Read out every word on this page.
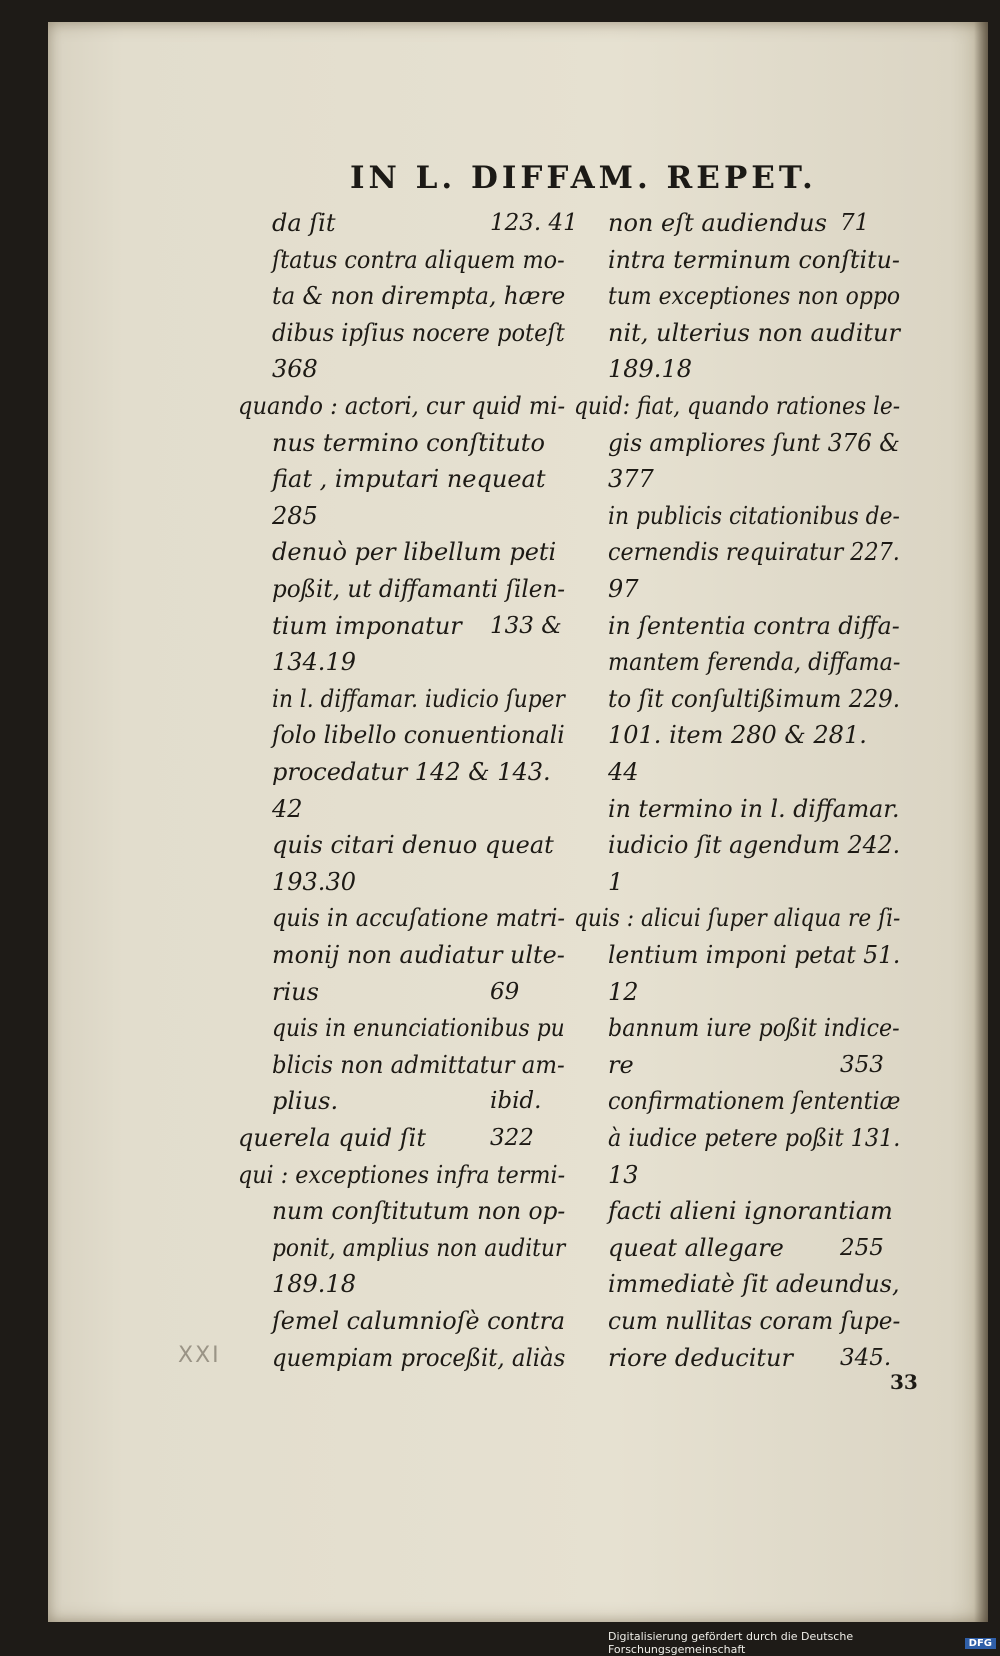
IN L. DIFFAM. REPET.
da ſit	123. 41
ſtatus contra aliquem mo-
ta & non dirempta, hære
dibus ipſius nocere poteſt
368
quando : actori, cur quid mi-
nus termino conſtituto
fiat , imputari nequeat
285
denuò per libellum peti
poßit, ut diffamanti ſilen-
tium imponatur 133 &
134.19
in l. diffamar. iudicio ſuper
ſolo libello conuentionali
procedatur 142 & 143.
42
quis citari denuo queat
193.30
quis in accuſatione matri-
monij non audiatur ulte-
rius	69
quis in enunciationibus pu
blicis non admittatur am-
plius.	ibid.
querela quid ſit	322
qui : exceptiones infra termi-
num conſtitutum non op-
ponit, amplius non auditur
189.18
ſemel calumnioſè contra
quempiam proceßit, aliàs
non eſt audiendus 71
intra terminum conſtitu-
tum exceptiones non oppo
nit, ulterius non auditur
189.18
quid: fiat, quando rationes le-
gis ampliores ſunt 376 &
377
in publicis citationibus de-
cernendis requiratur 227.
97
in ſententia contra diffa-
mantem ferenda, diffama-
to ſit conſultißimum 229.
101. item 280 & 281.
44
in termino in l. diffamar.
iudicio ſit agendum 242.
1
quis : alicui ſuper aliqua re ſi-
lentium imponi petat 51.
12
bannum iure poßit indice-
re	353
confirmationem ſententiæ
à iudice petere poßit 131.
13
facti alieni ignorantiam
queat allegare 255
immediatè ſit adeundus,
cum nullitas coram ſupe-
riore deducitur 345.
XXI
33
Digitalisierung gefördert durch die Deutsche Forschungsgemeinschaft	DFG
